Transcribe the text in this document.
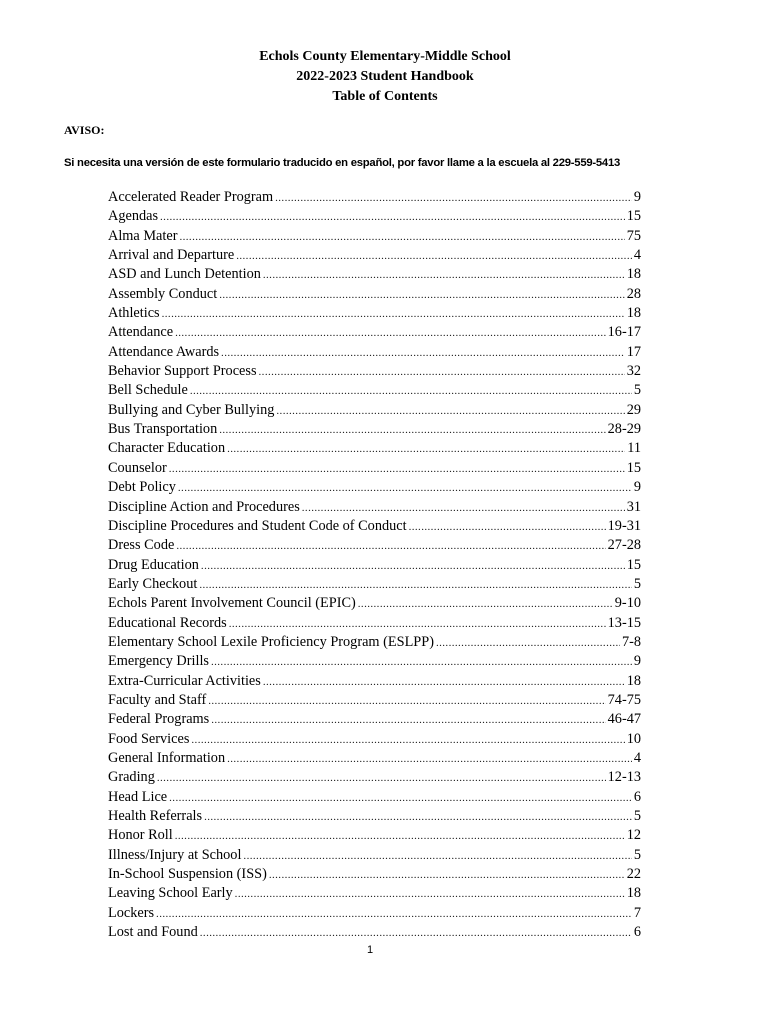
Echols County Elementary-Middle School
2022-2023 Student Handbook
Table of Contents
AVISO:
Si necesita una versión de este formulario traducido en español, por favor llame a la escuela al 229-559-5413
Accelerated Reader Program .....	9
Agendas .....	15
Alma Mater .....	75
Arrival and Departure .....	4
ASD and Lunch Detention .....	18
Assembly Conduct .....	28
Athletics .....	18
Attendance .....	16-17
Attendance Awards .....	17
Behavior Support Process .....	32
Bell Schedule .....	5
Bullying and Cyber Bullying .....	29
Bus Transportation .....	28-29
Character Education .....	11
Counselor .....	15
Debt Policy .....	9
Discipline Action and Procedures .....	31
Discipline Procedures and Student Code of Conduct .....	19-31
Dress Code .....	27-28
Drug Education .....	15
Early Checkout .....	5
Echols Parent Involvement Council (EPIC) .....	9-10
Educational Records .....	13-15
Elementary School Lexile Proficiency Program (ESLPP) .....	7-8
Emergency Drills .....	9
Extra-Curricular Activities .....	18
Faculty and Staff .....	74-75
Federal Programs .....	46-47
Food Services .....	10
General Information .....	4
Grading .....	12-13
Head Lice .....	6
Health Referrals .....	5
Honor Roll .....	12
Illness/Injury at School .....	5
In-School Suspension (ISS) .....	22
Leaving School Early .....	18
Lockers .....	7
Lost and Found .....	6
1
